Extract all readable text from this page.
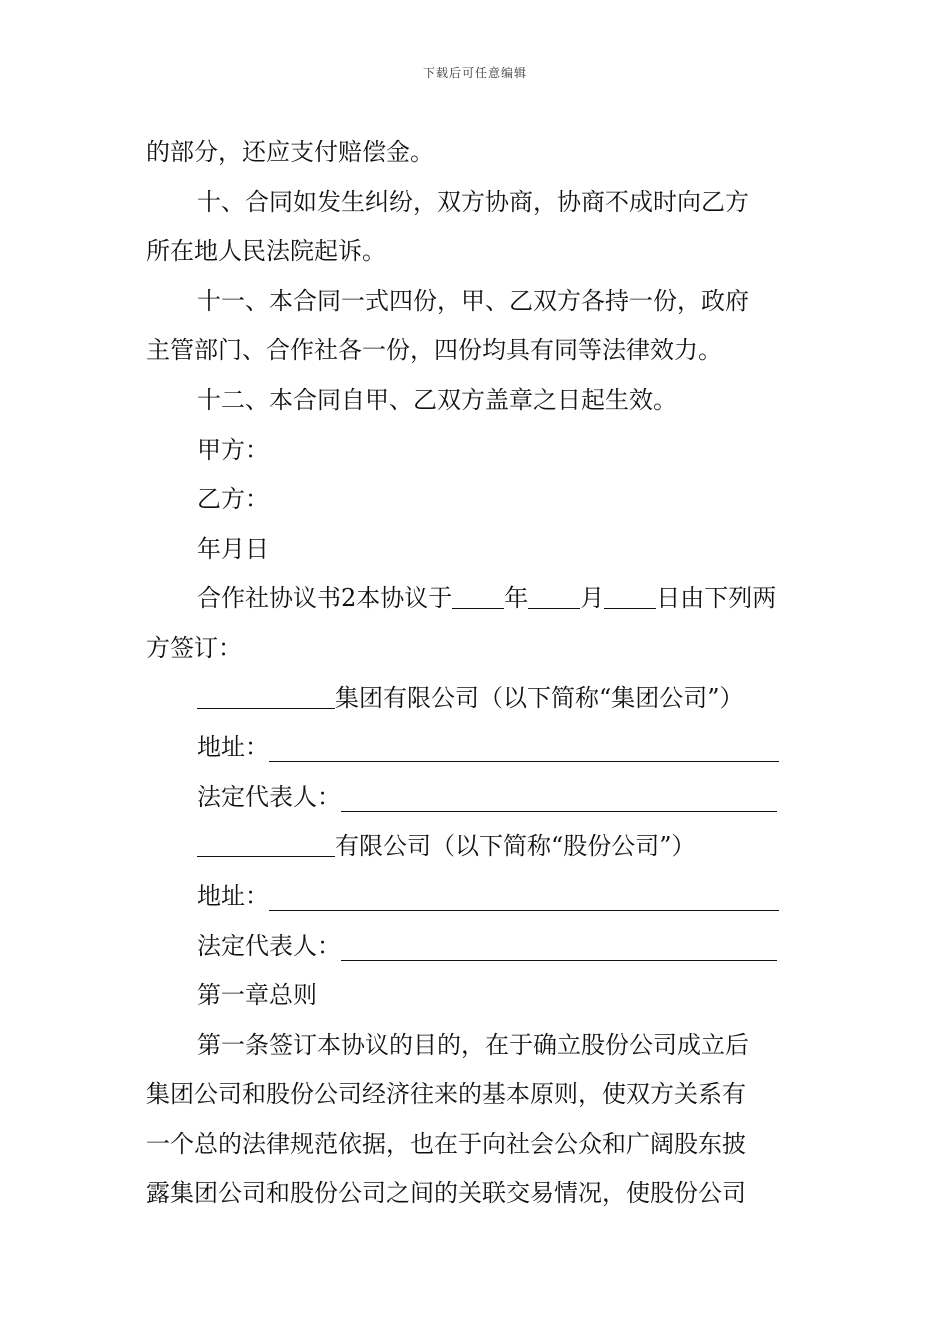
下载后可任意编辑
的部分，还应支付赔偿金。
十、合同如发生纠纷，双方协商，协商不成时向乙方
所在地人民法院起诉。
十一、本合同一式四份，甲、乙双方各持一份，政府
主管部门、合作社各一份，四份均具有同等法律效力。
十二、本合同自甲、乙双方盖章之日起生效。
甲方：
乙方：
年月日
合作社协议书2本协议于 年 月 日由下列两
方签订：
集团有限公司（以下简称“集团公司”）
地址：
法定代表人：
有限公司（以下简称“股份公司”）
地址：
法定代表人：
第一章总则
第一条签订本协议的目的，在于确立股份公司成立后
集团公司和股份公司经济往来的基本原则，使双方关系有
一个总的法律规范依据，也在于向社会公众和广阔股东披
露集团公司和股份公司之间的关联交易情况，使股份公司
